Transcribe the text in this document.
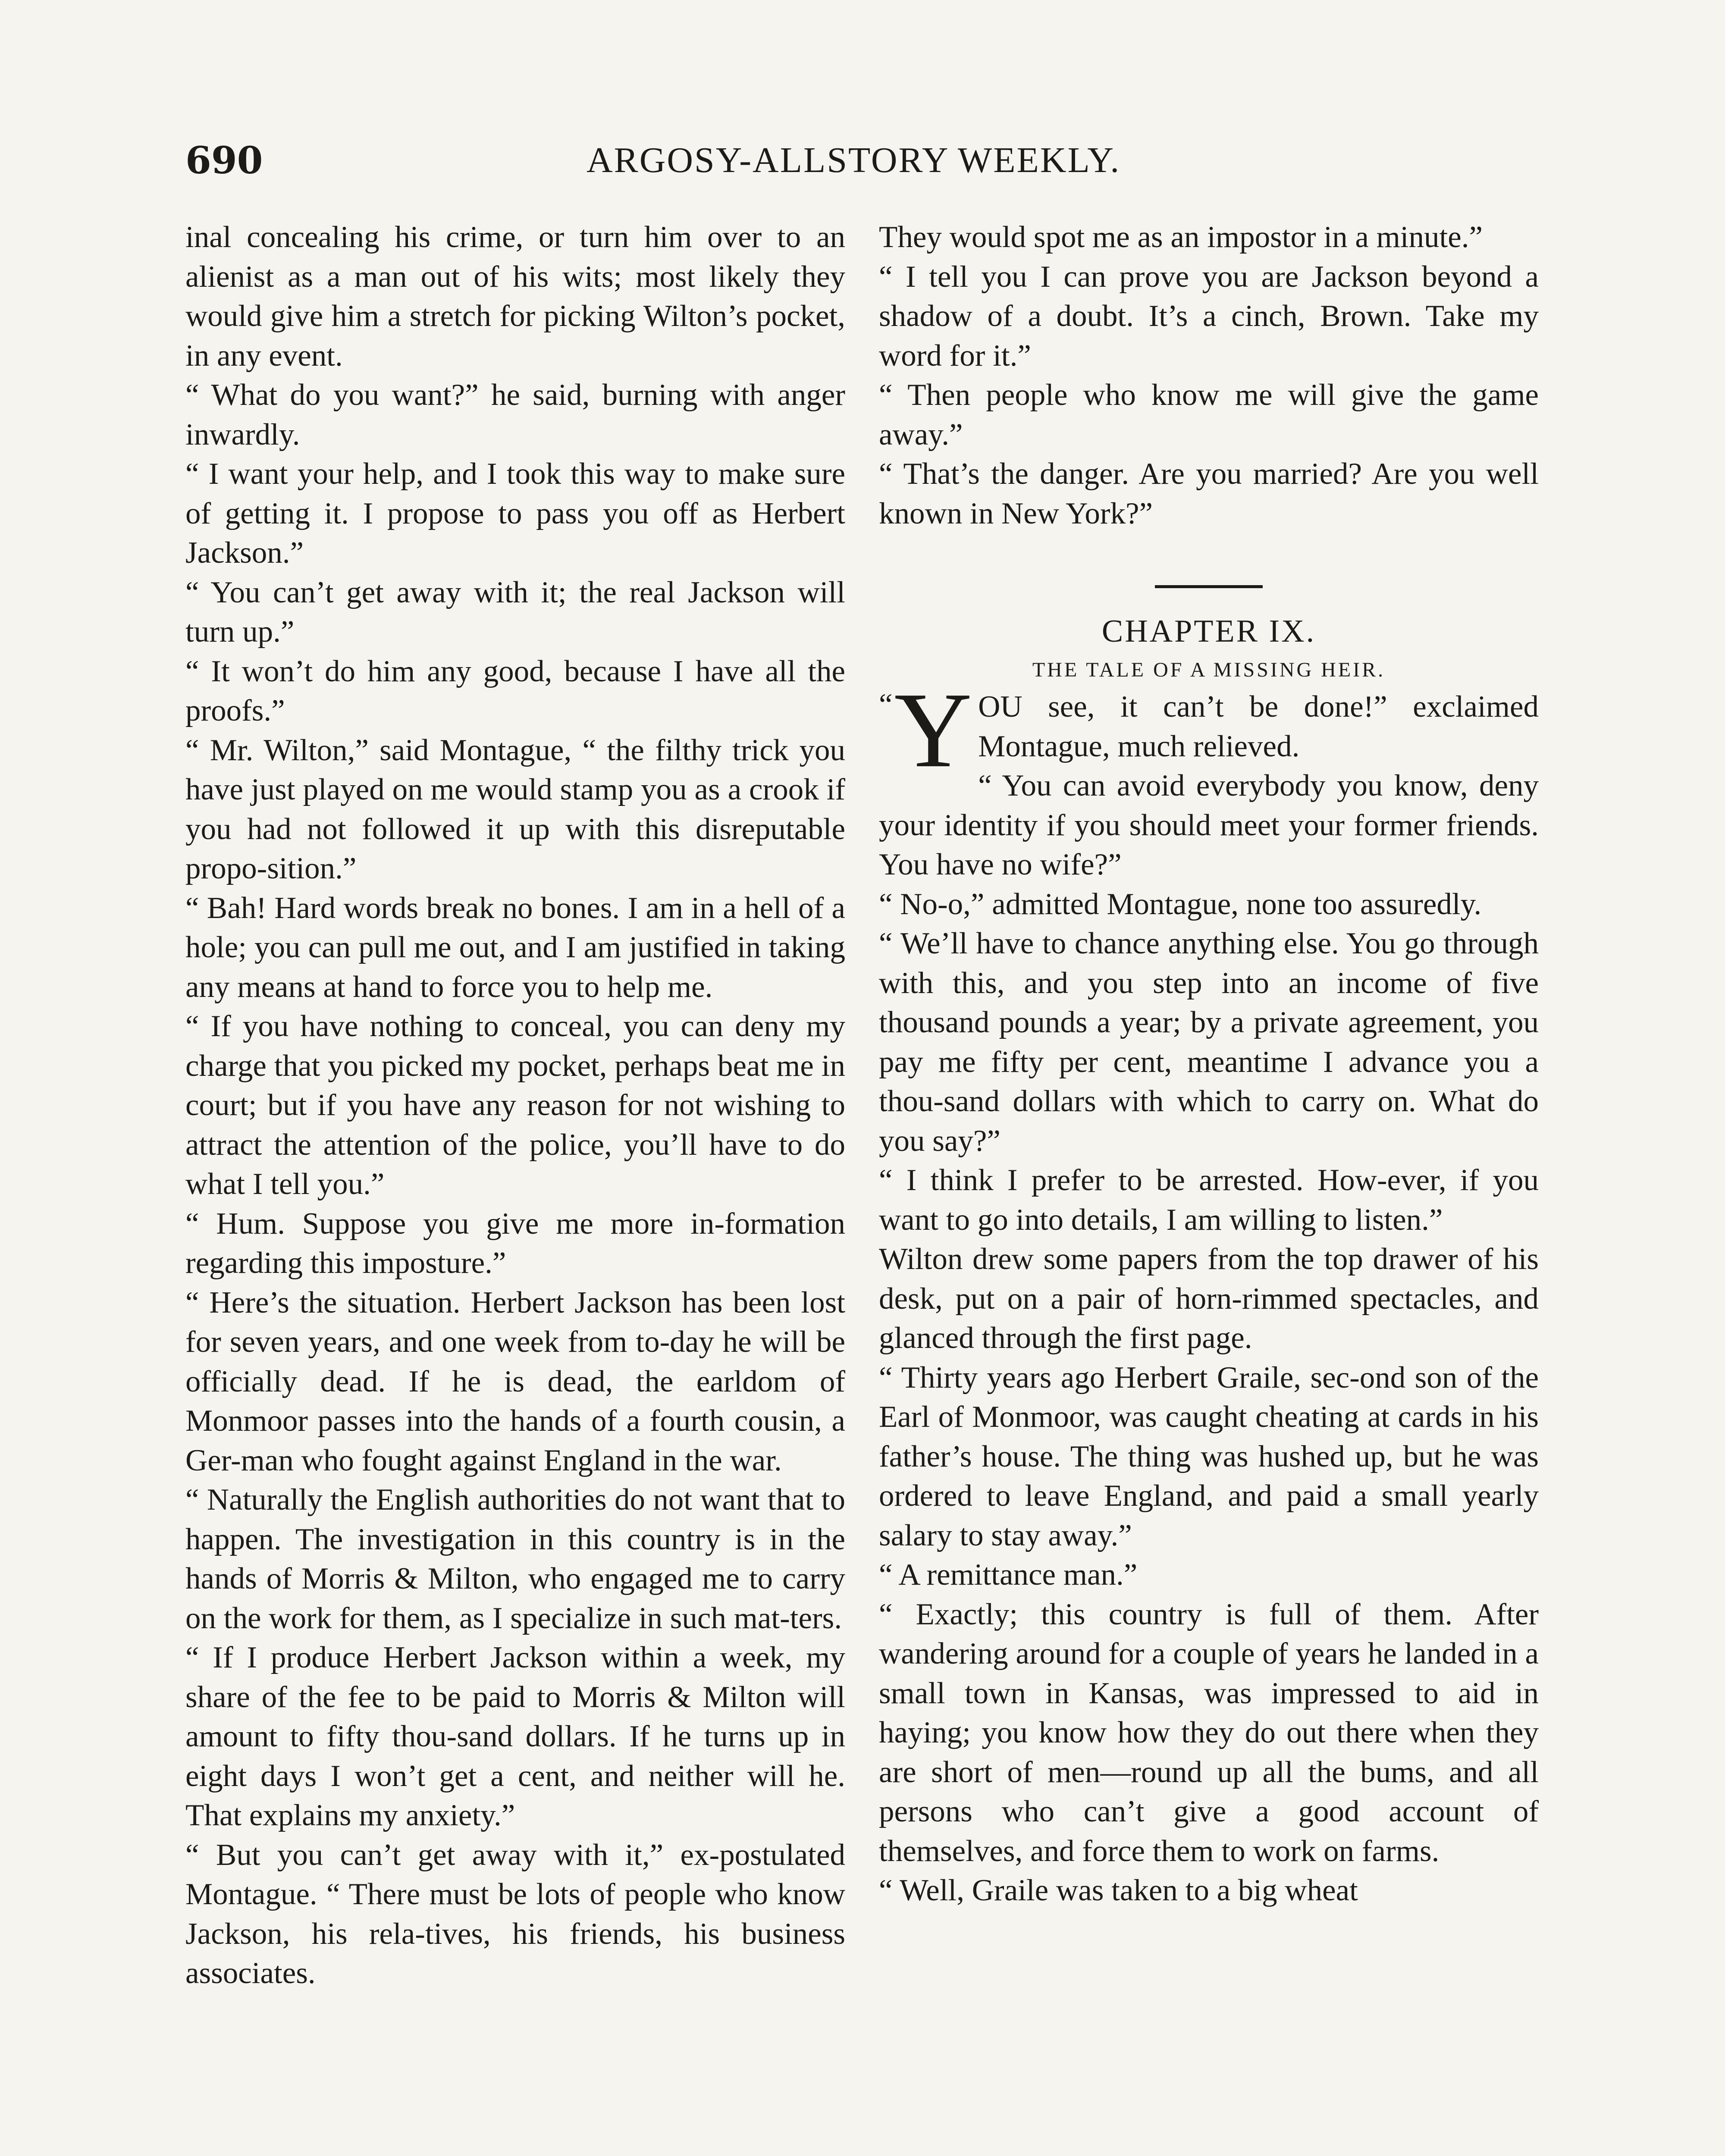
690	ARGOSY-ALLSTORY WEEKLY.

inal concealing his crime, or turn him over to an alienist as a man out of his wits; most likely they would give him a stretch for picking Wilton’s pocket, in any event.

“ What do you want?” he said, burning with anger inwardly.

“ I want your help, and I took this way to make sure of getting it. I propose to pass you off as Herbert Jackson.”

“ You can’t get away with it; the real Jackson will turn up.”

“ It won’t do him any good, because I have all the proofs.”

“ Mr. Wilton,” said Montague, “ the filthy trick you have just played on me would stamp you as a crook if you had not followed it up with this disreputable propo-sition.”

“ Bah! Hard words break no bones. I am in a hell of a hole; you can pull me out, and I am justified in taking any means at hand to force you to help me.

“ If you have nothing to conceal, you can deny my charge that you picked my pocket, perhaps beat me in court; but if you have any reason for not wishing to attract the attention of the police, you’ll have to do what I tell you.”

“ Hum. Suppose you give me more in-formation regarding this imposture.”

“ Here’s the situation. Herbert Jackson has been lost for seven years, and one week from to-day he will be officially dead. If he is dead, the earldom of Monmoor passes into the hands of a fourth cousin, a Ger-man who fought against England in the war.

“ Naturally the English authorities do not want that to happen. The investigation in this country is in the hands of Morris & Milton, who engaged me to carry on the work for them, as I specialize in such mat-ters.

“ If I produce Herbert Jackson within a week, my share of the fee to be paid to Morris & Milton will amount to fifty thou-sand dollars. If he turns up in eight days I won’t get a cent, and neither will he. That explains my anxiety.”

“ But you can’t get away with it,” ex-postulated Montague. “ There must be lots of people who know Jackson, his rela-tives, his friends, his business associates.

They would spot me as an impostor in a minute.”

“ I tell you I can prove you are Jackson beyond a shadow of a doubt. It’s a cinch, Brown. Take my word for it.”

“ Then people who know me will give the game away.”

“ That’s the danger. Are you married? Are you well known in New York?”

CHAPTER IX.

THE TALE OF A MISSING HEIR.

“ Y OU see, it can’t be done!” exclaimed Montague, much relieved.

“ You can avoid everybody you know, deny your identity if you should meet your former friends. You have no wife?”

“ No-o,” admitted Montague, none too assuredly.

“ We’ll have to chance anything else. You go through with this, and you step into an income of five thousand pounds a year; by a private agreement, you pay me fifty per cent, meantime I advance you a thou-sand dollars with which to carry on. What do you say?”

“ I think I prefer to be arrested. How-ever, if you want to go into details, I am willing to listen.”

Wilton drew some papers from the top drawer of his desk, put on a pair of horn-rimmed spectacles, and glanced through the first page.

“ Thirty years ago Herbert Graile, sec-ond son of the Earl of Monmoor, was caught cheating at cards in his father’s house. The thing was hushed up, but he was ordered to leave England, and paid a small yearly salary to stay away.”

“ A remittance man.”

“ Exactly; this country is full of them. After wandering around for a couple of years he landed in a small town in Kansas, was impressed to aid in haying; you know how they do out there when they are short of men—round up all the bums, and all persons who can’t give a good account of themselves, and force them to work on farms.

“ Well, Graile was taken to a big wheat
